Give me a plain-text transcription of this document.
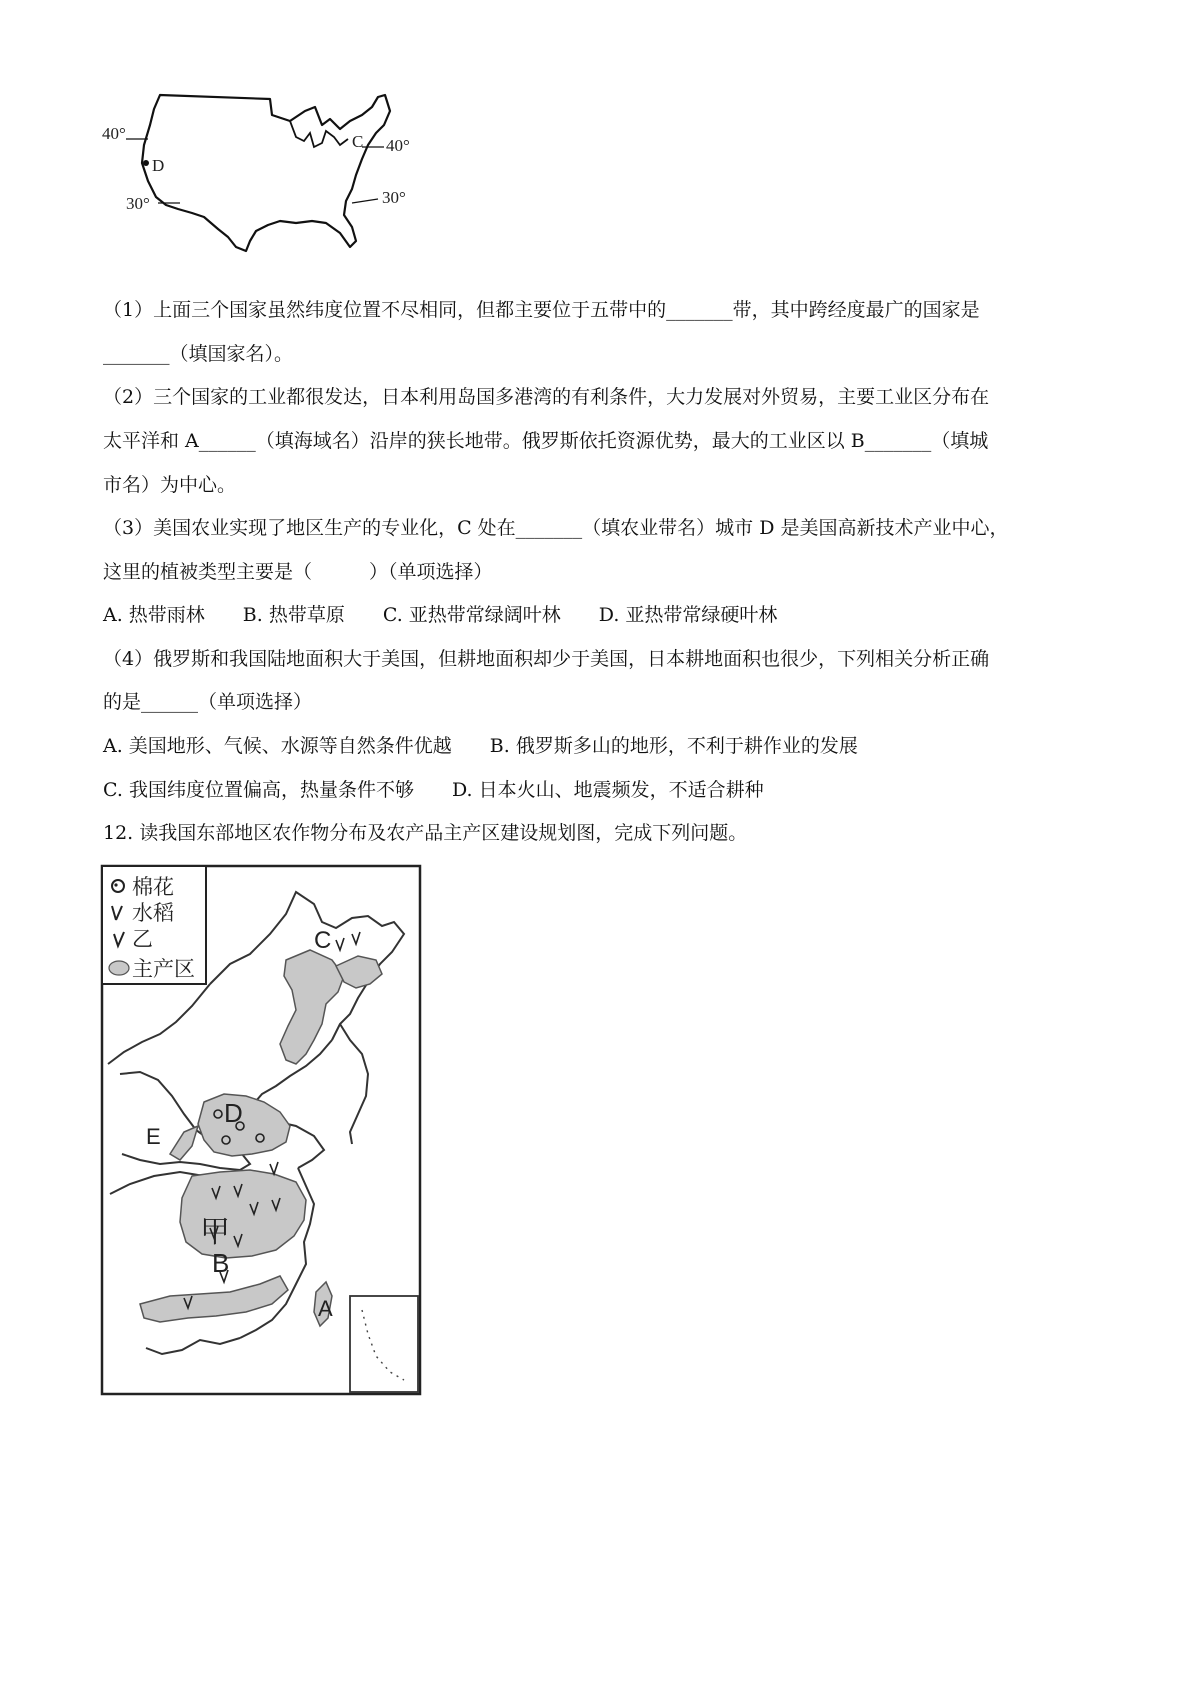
40°
30°
40°
30°
D
C
（1）上面三个国家虽然纬度位置不尽相同，但都主要位于五带中的_______带，其中跨经度最广的国家是
_______（填国家名）。
（2）三个国家的工业都很发达，日本利用岛国多港湾的有利条件，大力发展对外贸易，主要工业区分布在
太平洋和 A______（填海域名）沿岸的狭长地带。俄罗斯依托资源优势，最大的工业区以 B_______（填城
市名）为中心。
（3）美国农业实现了地区生产的专业化，C 处在_______（填农业带名）城市 D 是美国高新技术产业中心，
这里的植被类型主要是（　　　）（单项选择）
A. 热带雨林　　B. 热带草原　　C. 亚热带常绿阔叶林　　D. 亚热带常绿硬叶林
（4）俄罗斯和我国陆地面积大于美国，但耕地面积却少于美国，日本耕地面积也很少，下列相关分析正确
的是______（单项选择）
A. 美国地形、气候、水源等自然条件优越　　B. 俄罗斯多山的地形，不利于耕作业的发展
C. 我国纬度位置偏高，热量条件不够　　D. 日本火山、地震频发，不适合耕种
12. 读我国东部地区农作物分布及农产品主产区建设规划图，完成下列问题。
棉花
水稻
乙
主产区
C
D
E
甲
B
A
